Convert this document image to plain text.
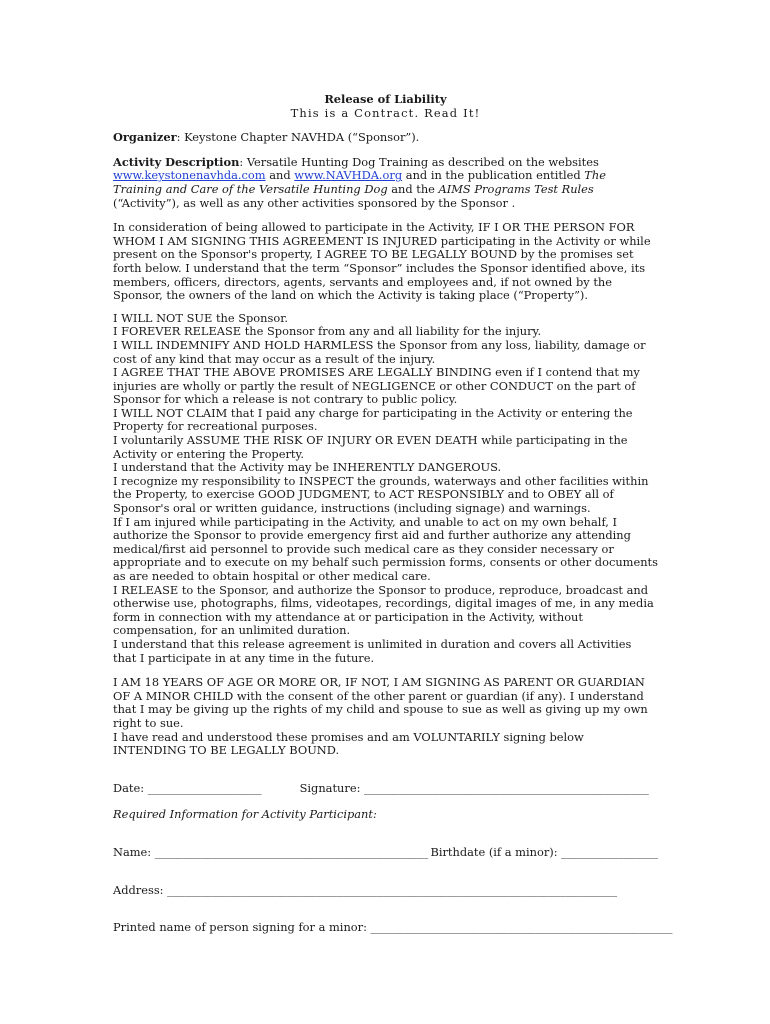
Release of Liability

This is a Contract. Read It!

Organizer: Keystone Chapter NAVHDA (“Sponsor”).

Activity Description: Versatile Hunting Dog Training as described on the websites www.keystonenavhda.com and www.NAVHDA.org and in the publication entitled The Training and Care of the Versatile Hunting Dog and the AIMS Programs Test Rules (“Activity”), as well as any other activities sponsored by the Sponsor .

In consideration of being allowed to participate in the Activity, IF I OR THE PERSON FOR WHOM I AM SIGNING THIS AGREEMENT IS INJURED participating in the Activity or while present on the Sponsor's property, I AGREE TO BE LEGALLY BOUND by the promises set forth below. I understand that the term “Sponsor” includes the Sponsor identified above, its members, officers, directors, agents, servants and employees and, if not owned by the Sponsor, the owners of the land on which the Activity is taking place (“Property”).

I WILL NOT SUE the Sponsor.

I FOREVER RELEASE the Sponsor from any and all liability for the injury.

I WILL INDEMNIFY AND HOLD HARMLESS the Sponsor from any loss, liability, damage or cost of any kind that may occur as a result of the injury.

I AGREE THAT THE ABOVE PROMISES ARE LEGALLY BINDING even if I contend that my injuries are wholly or partly the result of NEGLIGENCE or other CONDUCT on the part of Sponsor for which a release is not contrary to public policy.

I WILL NOT CLAIM that I paid any charge for participating in the Activity or entering the Property for recreational purposes.

I voluntarily ASSUME THE RISK OF INJURY OR EVEN DEATH while participating in the Activity or entering the Property.

I understand that the Activity may be INHERENTLY DANGEROUS.

I recognize my responsibility to INSPECT the grounds, waterways and other facilities within the Property, to exercise GOOD JUDGMENT, to ACT RESPONSIBLY and to OBEY all of Sponsor's oral or written guidance, instructions (including signage) and warnings.

If I am injured while participating in the Activity, and unable to act on my own behalf, I authorize the Sponsor to provide emergency first aid and further authorize any attending medical/first aid personnel to provide such medical care as they consider necessary or appropriate and to execute on my behalf such permission forms, consents or other documents as are needed to obtain hospital or other medical care.

I RELEASE to the Sponsor, and authorize the Sponsor to produce, reproduce, broadcast and otherwise use, photographs, films, videotapes, recordings, digital images of me, in any media form in connection with my attendance at or participation in the Activity, without compensation, for an unlimited duration.

I understand that this release agreement is unlimited in duration and covers all Activities that I participate in at any time in the future.

I AM 18 YEARS OF AGE OR MORE OR, IF NOT, I AM SIGNING AS PARENT OR GUARDIAN OF A MINOR CHILD with the consent of the other parent or guardian (if any). I understand that I may be giving up the rights of my child and spouse to sue as well as giving up my own right to sue.

I have read and understood these promises and am VOLUNTARILY signing below INTENDING TO BE LEGALLY BOUND.

Date: ____________________	Signature: __________________________________________________

Required Information for Activity Participant:

Name: ________________________________________________ Birthdate (if a minor): _________________

Address: _______________________________________________________________________________

Printed name of person signing for a minor: _____________________________________________________
